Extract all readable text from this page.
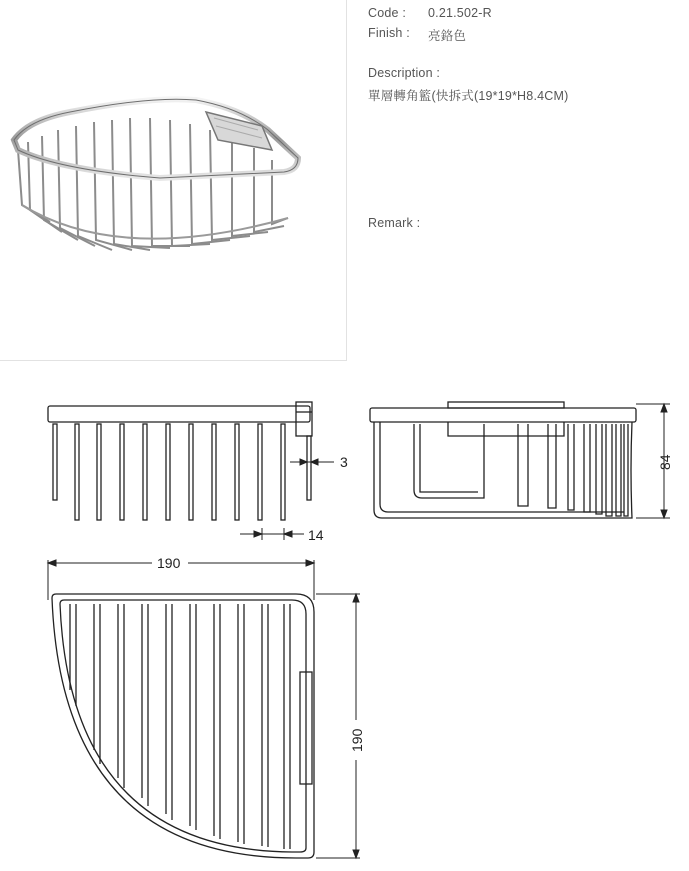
Code : 0.21.502-R
Finish : 亮鉻色
Description :
單層轉角籃(快拆式(19*19*H8.4CM)
Remark :
3
14
84
190
190
